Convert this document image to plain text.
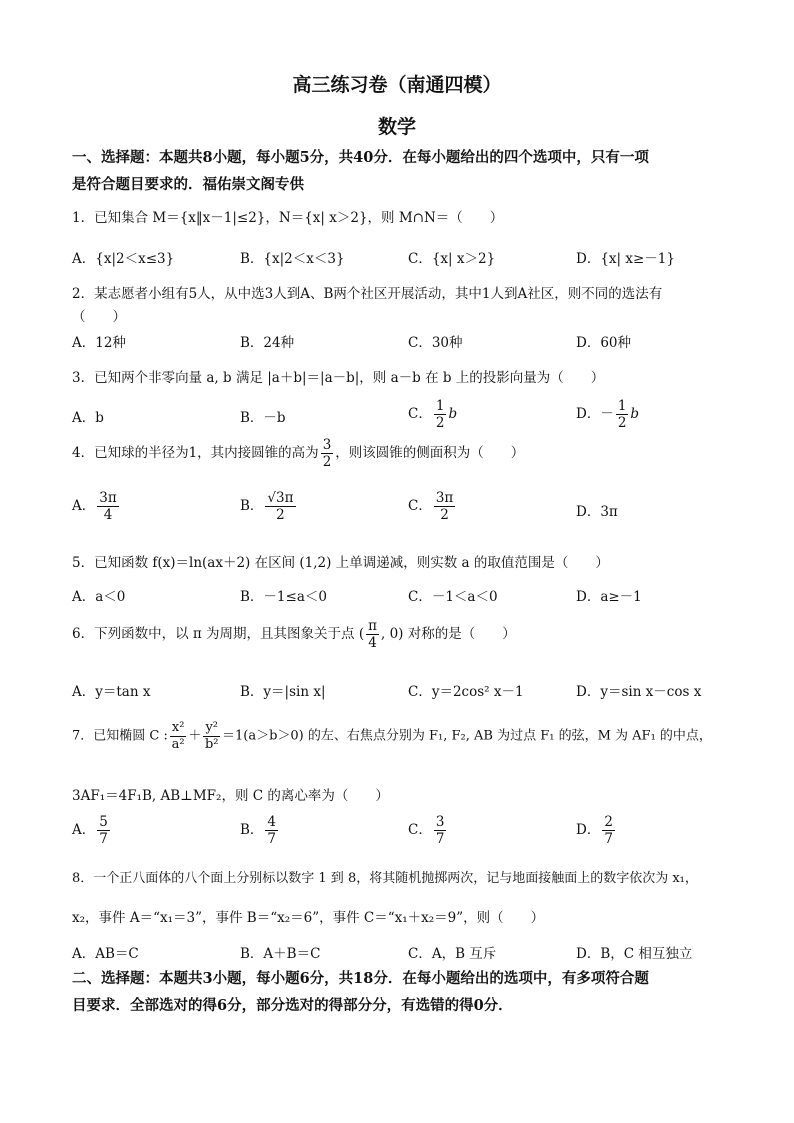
高三练习卷（南通四模）
数学
一、选择题：本题共8小题，每小题5分，共40分．在每小题给出的四个选项中，只有一项
是符合题目要求的．福佑崇文阁专供
1．已知集合 M＝{x‖x－1|≤2}，N＝{x| x＞2}，则 M∩N＝（　　）
A．{x|2＜x≤3}	B．{x|2＜x＜3}	C．{x| x＞2}	D．{x| x≥－1}
2．某志愿者小组有5人，从中选3人到A、B两个社区开展活动，其中1人到A社区，则不同的选法有
（　　）
A．12种	B．24种	C．30种	D．60种
3．已知两个非零向量 a, b 满足 |a＋b|＝|a－b|，则 a－b 在 b 上的投影向量为（　　）
A．b	B．－b	C． $\frac{1}{2}$ b	D．－ $\frac{1}{2}$ b
4．已知球的半径为1，其内接圆锥的高为 $\frac{3}{2}$ ，则该圆锥的侧面积为（　　）
A． $\frac{3\pi}{4}$	B． $\frac{√3\pi}{2}$	C． $\frac{3\pi}{2}$	D．3π
5．已知函数 f(x)＝ln(ax＋2) 在区间 (1,2) 上单调递减，则实数 a 的取值范围是（　　）
A．a＜0	B．－1≤a＜0	C．－1＜a＜0	D．a≥－1
6．下列函数中，以 π 为周期，且其图象关于点 ( $\frac{\pi}{4}$ , 0) 对称的是（　　）
A．y＝tan x	B．y＝|sin x|	C．y＝2cos² x－1	D．y＝sin x－cos x
7．已知椭圆 C : $\frac{\text{x²}}{\text{a²}} + \frac{\text{y²}}{\text{b²}} =1(a>b>0)$ 的左、右焦点分别为 F₁, F₂, AB 为过点 F₁ 的弦，M 为 AF₁ 的中点，
3AF₁＝4F₁B, AB⊥MF₂，则 C 的离心率为（　　）
A． $\frac{5}{7}$	B． $\frac{4}{7}$	C． $\frac{3}{7}$	D． $\frac{2}{7}$
8．一个正八面体的八个面上分别标以数字 1 到 8，将其随机抛掷两次，记与地面接触面上的数字依次为 x₁，
x₂，事件 A＝“x₁＝3”，事件 B＝“x₂＝6”，事件 C＝“x₁＋x₂＝9”，则（　　）
A．AB＝C	B．A＋B＝C	C．A，B 互斥	D．B，C 相互独立
二、选择题：本题共3小题，每小题6分，共18分．在每小题给出的选项中，有多项符合题
目要求．全部选对的得6分，部分选对的得部分分，有选错的得0分．
